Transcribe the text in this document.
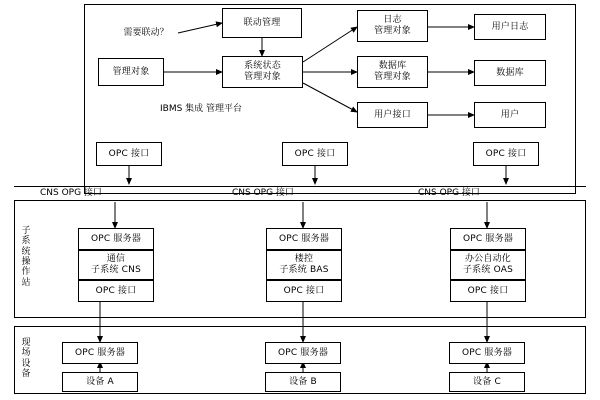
需要联动？
联动管理
管理对象
系统状态
管理对象
日志
管理对象
数据库
管理对象
用户接口
用户日志
数据库
用户
IBMS 集成 管理平台
OPC 接口	OPC 接口	OPC 接口
CNS OPG 接口	CNS OPG 接口	CNS OPG 接口
子系统操作站
现场设备
OPC 服务器
通信
子系统 CNS
OPC 接口
OPC 服务器
楼控
子系统 BAS
OPC 接口
OPC 服务器
办公自动化
子系统 OAS
OPC 接口
OPC 服务器
设备 A
OPC 服务器
设备 B
OPC 服务器
设备 C
